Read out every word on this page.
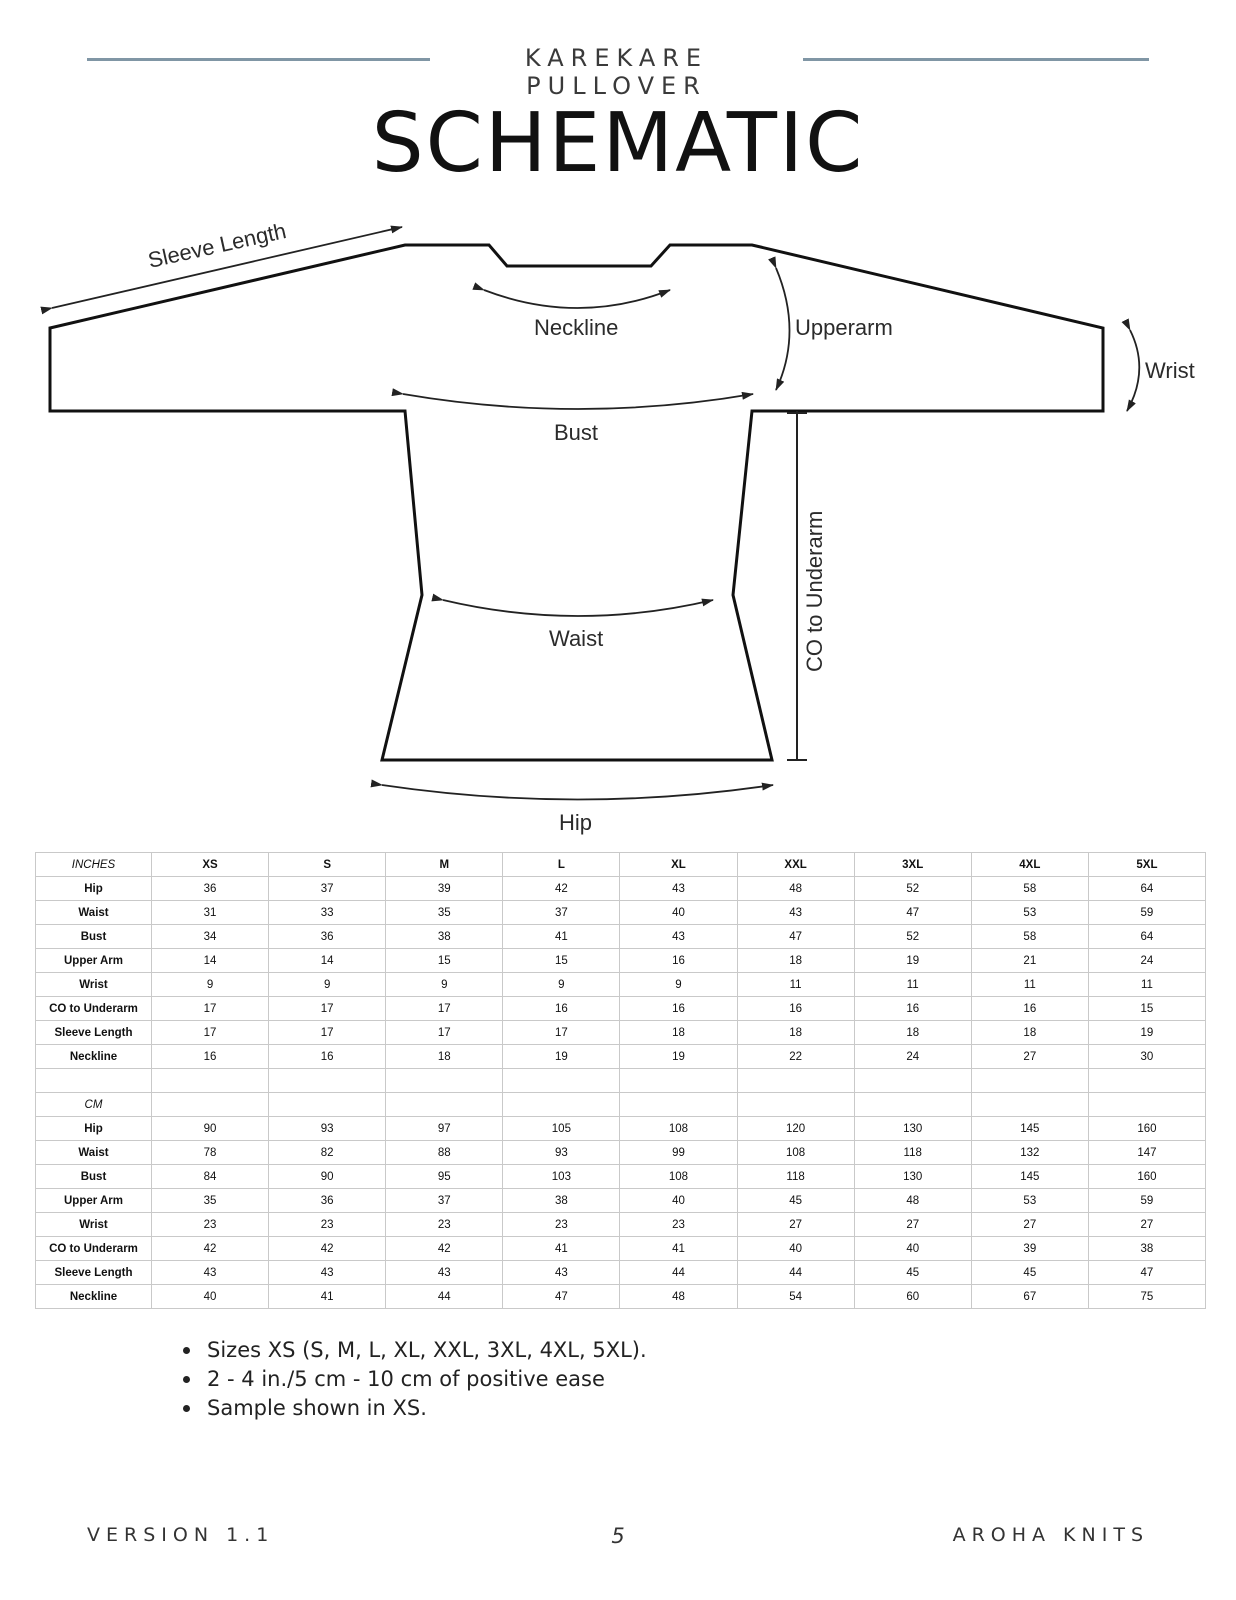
KAREKARE PULLOVER
SCHEMATIC
Sleeve Length
Neckline	Upperarm
Wrist
Bust
CO to Underarm
Waist
Hip
INCHES	XS	S	M	L	XL	XXL	3XL	4XL	5XL
Hip	36	37	39	42	43	48	52	58	64
Waist	31	33	35	37	40	43	47	53	59
Bust	34	36	38	41	43	47	52	58	64
Upper Arm	14	14	15	15	16	18	19	21	24
Wrist	9	9	9	9	9	11	11	11	11
CO to Underarm	17	17	17	16	16	16	16	16	15
Sleeve Length	17	17	17	17	18	18	18	18	19
Neckline	16	16	18	19	19	22	24	27	30

CM									
Hip	90	93	97	105	108	120	130	145	160
Waist	78	82	88	93	99	108	118	132	147
Bust	84	90	95	103	108	118	130	145	160
Upper Arm	35	36	37	38	40	45	48	53	59
Wrist	23	23	23	23	23	27	27	27	27
CO to Underarm	42	42	42	41	41	40	40	39	38
Sleeve Length	43	43	43	43	44	44	45	45	47
Neckline	40	41	44	47	48	54	60	67	75
Sizes XS (S, M, L, XL, XXL, 3XL, 4XL, 5XL).
2 - 4 in./5 cm - 10 cm of positive ease
Sample shown in XS.
VERSION 1.1	5	AROHA KNITS
